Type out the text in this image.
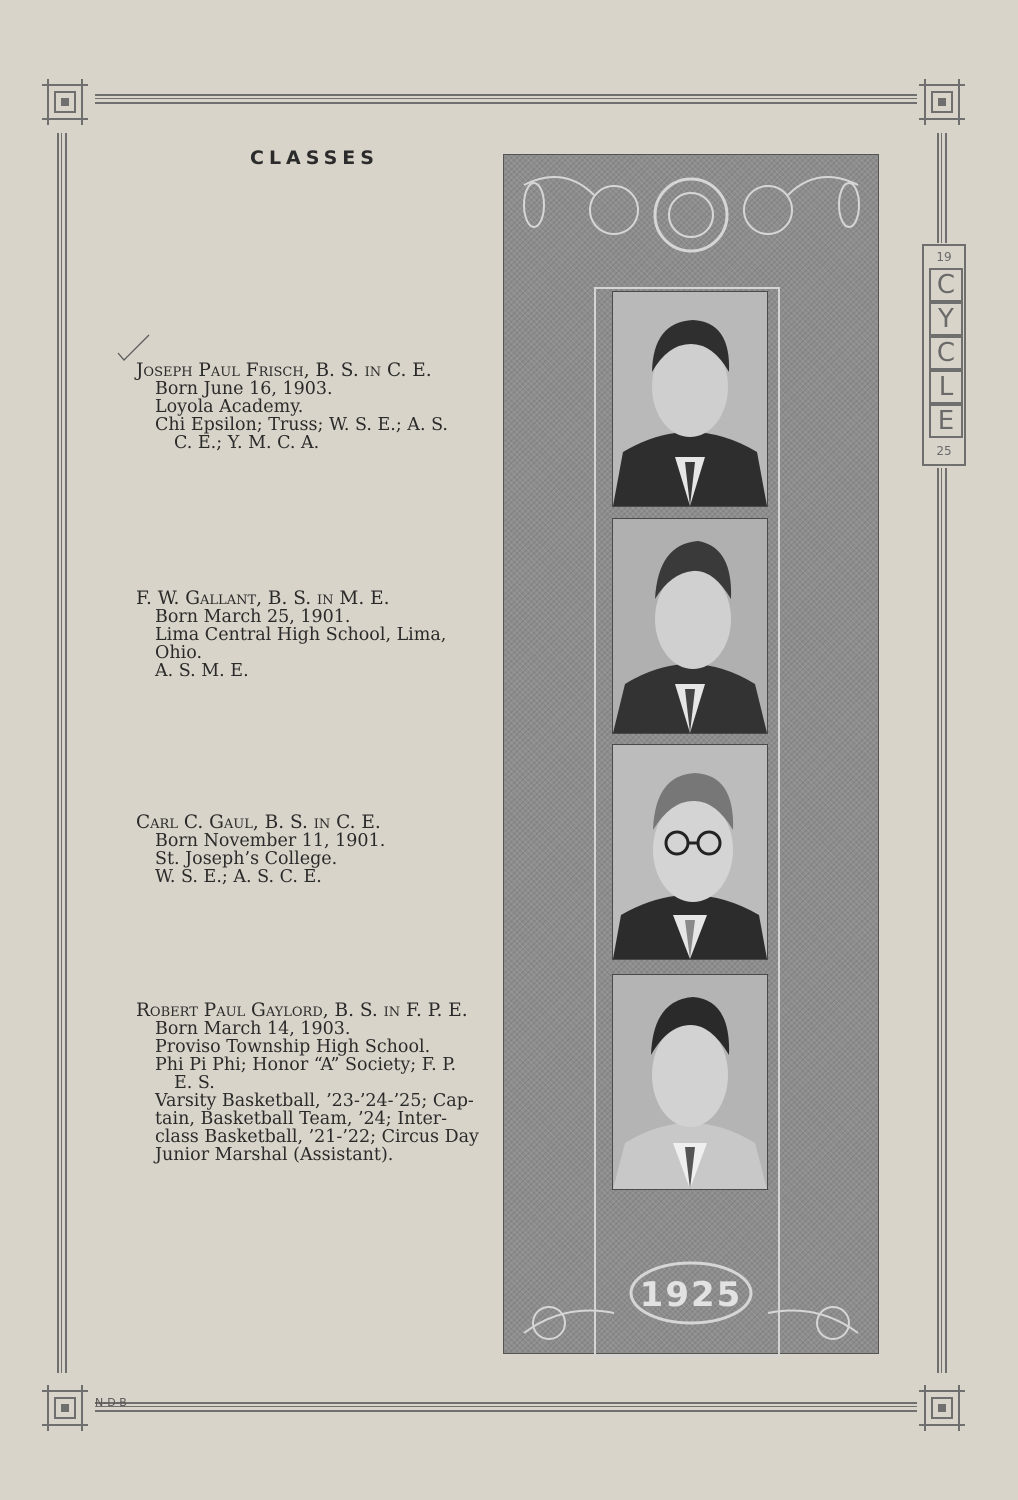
19
C
Y
C
L
E
25
CLASSES
Joseph Paul Frisch, B. S. in C. E.
Born June 16, 1903.
Loyola Academy.
Chi Epsilon; Truss; W. S. E.; A. S.
C. E.; Y. M. C. A.
F. W. Gallant, B. S. in M. E.
Born March 25, 1901.
Lima Central High School, Lima, Ohio.
A. S. M. E.
Carl C. Gaul, B. S. in C. E.
Born November 11, 1901.
St. Joseph’s College.
W. S. E.; A. S. C. E.
Robert Paul Gaylord, B. S. in F. P. E.
Born March 14, 1903.
Proviso Township High School.
Phi Pi Phi; Honor “A” Society; F. P.
E. S.
Varsity Basketball, ’23-’24-’25; Cap-
tain, Basketball Team, ’24; Inter-
class Basketball, ’21-’22; Circus Day
Junior Marshal (Assistant).
1925
N-D-B
